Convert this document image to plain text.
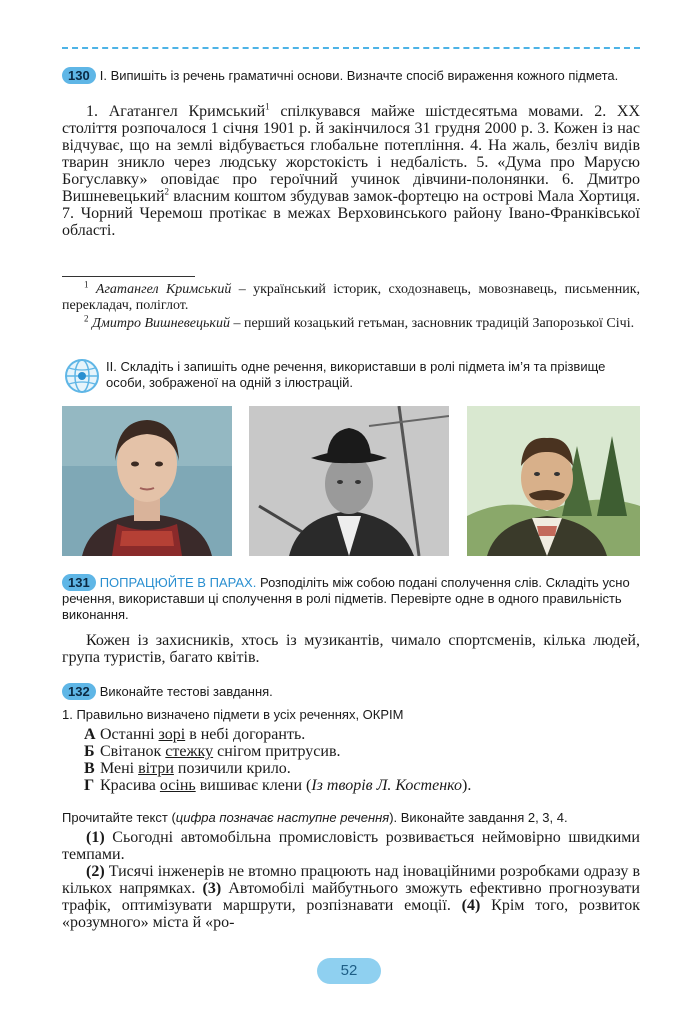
130 I. Випишіть із речень граматичні основи. Визначте спосіб вираження кожного підмета.
1. Агатангел Кримський$^1$ спілкувався майже шістдесятьма мовами. 2. XX століття розпочалося 1 січня 1901 р. й закінчилося 31 грудня 2000 р. 3. Кожен із нас відчуває, що на землі відбувається глобальне потепління. 4. На жаль, безліч видів тварин зникло через людську жорстокість і недбалість. 5. «Дума про Марусю Богуславку» оповідає про героїчний учинок дівчини-полонянки. 6. Дмитро Вишневецький$^2$ власним коштом збудував замок-фортецю на острові Мала Хортиця. 7. Чорний Черемош протікає в межах Верховинського району Івано-Франківської області.
$^1$ Агатангел Кримський – український історик, сходознавець, мовознавець, письменник, перекладач, поліглот.
$^2$ Дмитро Вишневецький – перший козацький гетьман, засновник традицій Запорозької Січі.
II. Складіть і запишіть одне речення, використавши в ролі підмета ім’я та прізвище особи, зображеної на одній з ілюстрацій.
131 ПОПРАЦЮЙТЕ В ПАРАХ. Розподіліть між собою подані сполучення слів. Складіть усно речення, використавши ці сполучення в ролі підметів. Перевірте одне в одного правильність виконання.
Кожен із захисників, хтось із музикантів, чимало спортсменів, кілька людей, група туристів, багато квітів.
132 Виконайте тестові завдання.
1. Правильно визначено підмети в усіх реченнях, ОКРІМ
А Останні зорі в небі догоранть.
Б Світанок стежку снігом притрусив.
В Мені вітри позичили крило.
Г Красива осінь вишиває клени (Із творів Л. Костенко).
Прочитайте текст (цифра позначає наступне речення). Виконайте завдання 2, 3, 4.
(1) Сьогодні автомобільна промисловість розвивається неймовірно швидкими темпами.
(2) Тисячі інженерів не втомно працюють над іноваційними розробками одразу в кількох напрямках. (3) Автомобілі майбутнього зможуть ефективно прогнозувати трафік, оптимізувати маршрути, розпізнавати емоції. (4) Крім того, розвиток «розумного» міста й «ро-
52
